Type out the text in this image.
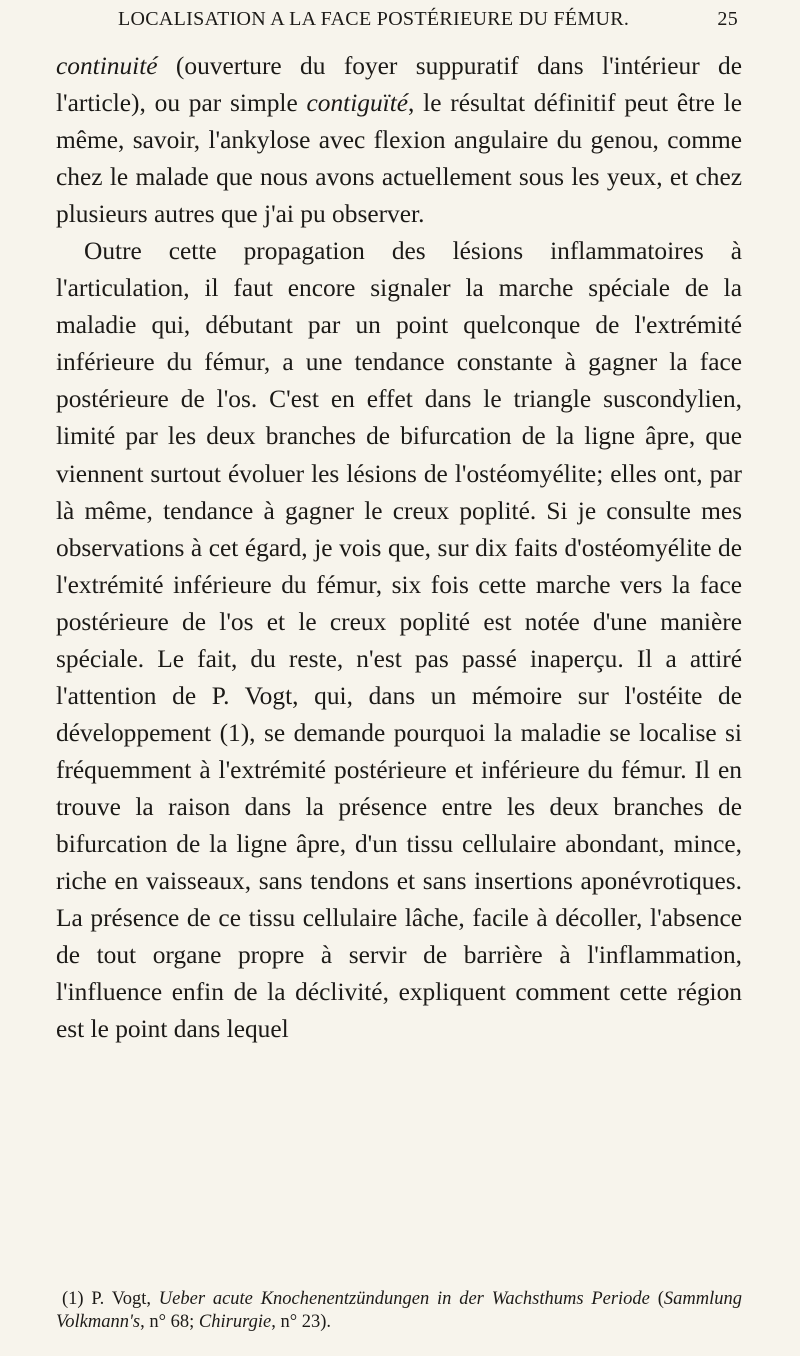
LOCALISATION A LA FACE POSTÉRIEURE DU FÉMUR.	25

continuité (ouverture du foyer suppuratif dans l'intérieur de l'article), ou par simple contiguïté, le résultat définitif peut être le même, savoir, l'ankylose avec flexion angulaire du genou, comme chez le malade que nous avons actuellement sous les yeux, et chez plusieurs autres que j'ai pu observer.

Outre cette propagation des lésions inflammatoires à l'articulation, il faut encore signaler la marche spéciale de la maladie qui, débutant par un point quelconque de l'extrémité inférieure du fémur, a une tendance constante à gagner la face postérieure de l'os. C'est en effet dans le triangle suscondylien, limité par les deux branches de bifurcation de la ligne âpre, que viennent surtout évoluer les lésions de l'ostéomyélite; elles ont, par là même, tendance à gagner le creux poplité. Si je consulte mes observations à cet égard, je vois que, sur dix faits d'ostéomyélite de l'extrémité inférieure du fémur, six fois cette marche vers la face postérieure de l'os et le creux poplité est notée d'une manière spéciale. Le fait, du reste, n'est pas passé inaperçu. Il a attiré l'attention de P. Vogt, qui, dans un mémoire sur l'ostéite de développement (1), se demande pourquoi la maladie se localise si fréquemment à l'extrémité postérieure et inférieure du fémur. Il en trouve la raison dans la présence entre les deux branches de bifurcation de la ligne âpre, d'un tissu cellulaire abondant, mince, riche en vaisseaux, sans tendons et sans insertions aponévrotiques. La présence de ce tissu cellulaire lâche, facile à décoller, l'absence de tout organe propre à servir de barrière à l'inflammation, l'influence enfin de la déclivité, expliquent comment cette région est le point dans lequel

(1) P. Vogt, Ueber acute Knochenentzündungen in der Wachsthums Periode (Sammlung Volkmann's, n° 68; Chirurgie, n° 23).
